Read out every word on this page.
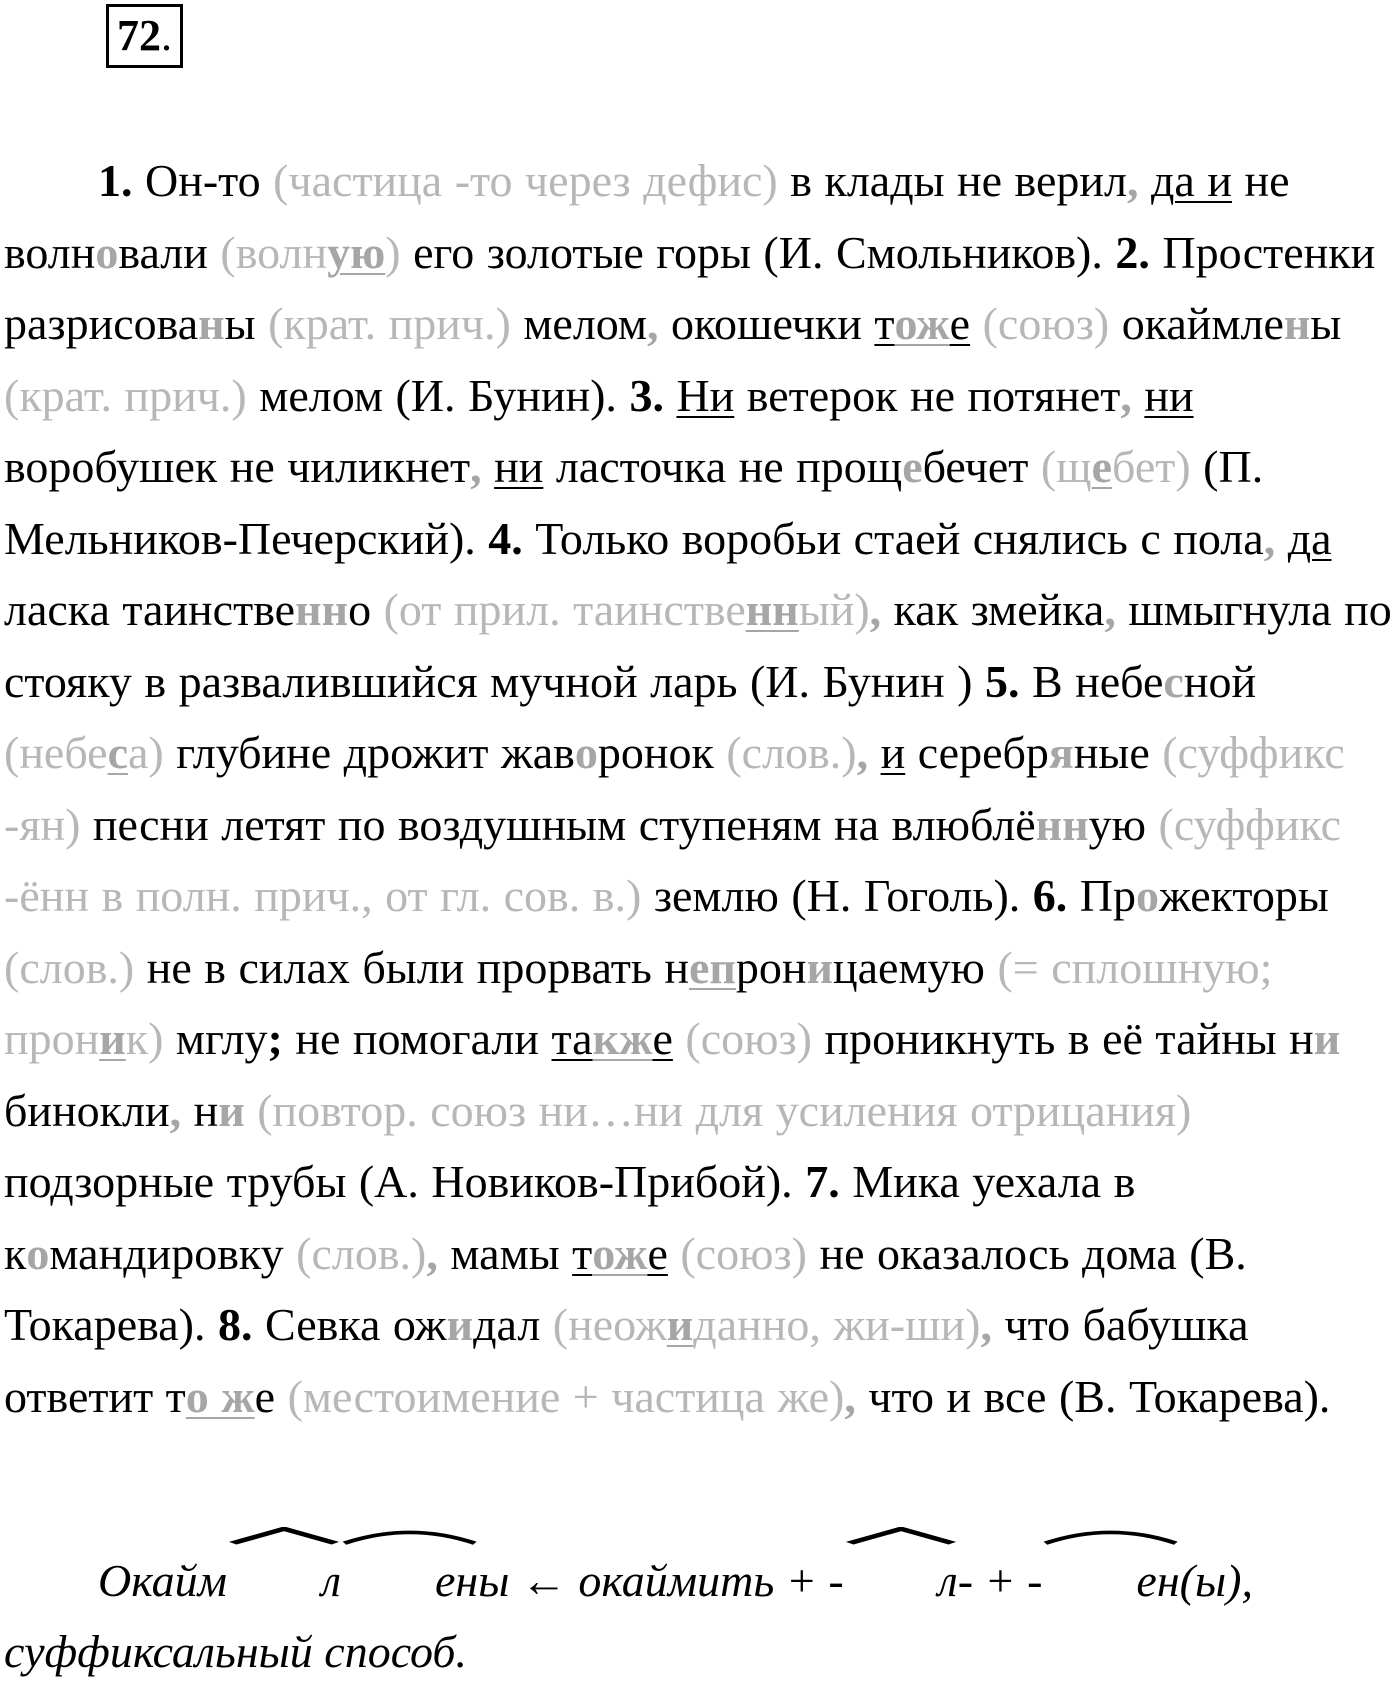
72.

1. Он-то (частица -то через дефис) в клады не верил, да и не волновали (волную) его золотые горы (И. Смольников). 2. Простенки разрисованы (крат. прич.) мелом, окошечки тоже (союз) окаймлены (крат. прич.) мелом (И. Бунин). 3. Ни ветерок не потянет, ни воробушек не чиликнет, ни ласточка не прощебечет (щебет) (П. Мельников-Печерский). 4. Только воробьи стаей снялись с пола, да ласка таинственно (от прил. таинственный), как змейка, шмыгнула по стояку в развалившийся мучной ларь (И. Бунин ) 5. В небесной (небеса) глубине дрожит жаворонок (слов.), и серебряные (суффикс -ян) песни летят по воздушным ступеням на влюблённую (суффикс -ённ в полн. прич., от гл. сов. в.) землю (Н. Гоголь). 6. Прожекторы (слов.) не в силах были прорвать непроницаемую (= сплошную; проник) мглу; не помогали также (союз) проникнуть в её тайны ни бинокли, ни (повтор. союз ни…ни для усиления отрицания) подзорные трубы (А. Новиков-Прибой). 7. Мика уехала в командировку (слов.), мамы тоже (союз) не оказалось дома (В. Токарева). 8. Севка ожидал (неожиданно, жи-ши), что бабушка ответит то же (местоимение + частица же), что и все (В. Токарева).

Окайм л ены ← окаймить + - л- + - ен(ы), суффиксальный способ.
